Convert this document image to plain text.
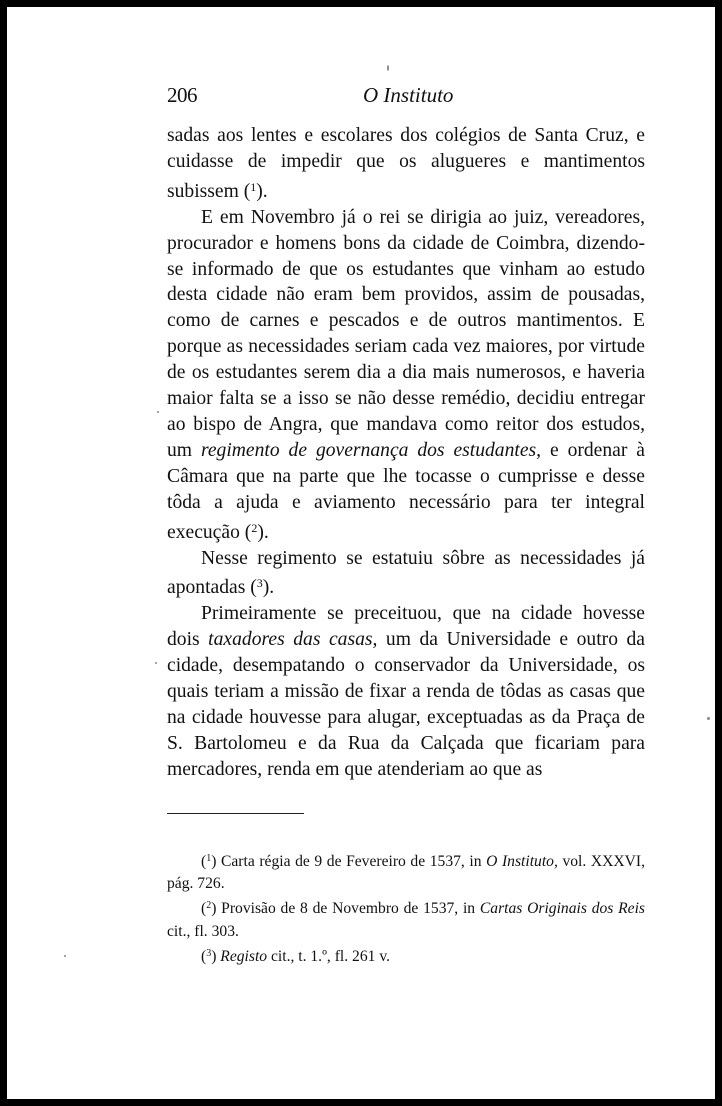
206	O Instituto

sadas aos lentes e escolares dos colégios de Santa Cruz, e cuidasse de impedir que os alugueres e mantimentos subissem ($^1$).

E em Novembro já o rei se dirigia ao juiz, vereadores, procurador e homens bons da cidade de Coimbra, dizendo-se informado de que os estudantes que vinham ao estudo desta cidade não eram bem providos, assim de pousadas, como de carnes e pescados e de outros mantimentos. E porque as necessidades seriam cada vez maiores, por virtude de os estudantes serem dia a dia mais numerosos, e haveria maior falta se a isso se não desse remédio, decidiu entregar ao bispo de Angra, que mandava como reitor dos estudos, um regimento de governança dos estudantes, e ordenar à Câmara que na parte que lhe tocasse o cumprisse e desse tôda a ajuda e aviamento necessário para ter integral execução ($^2$).

Nesse regimento se estatuiu sôbre as necessidades já apontadas ($^3$).

Primeiramente se preceituou, que na cidade hovesse dois taxadores das casas, um da Universidade e outro da cidade, desempatando o conservador da Universidade, os quais teriam a missão de fixar a renda de tôdas as casas que na cidade houvesse para alugar, exceptuadas as da Praça de S. Bartolomeu e da Rua da Calçada que ficariam para mercadores, renda em que atenderiam ao que as

($^1$) Carta régia de 9 de Fevereiro de 1537, in O Instituto, vol. XXXVI, pág. 726.

($^2$) Provisão de 8 de Novembro de 1537, in Cartas Originais dos Reis cit., fl. 303.

($^3$) Registo cit., t. 1.º, fl. 261 v.
